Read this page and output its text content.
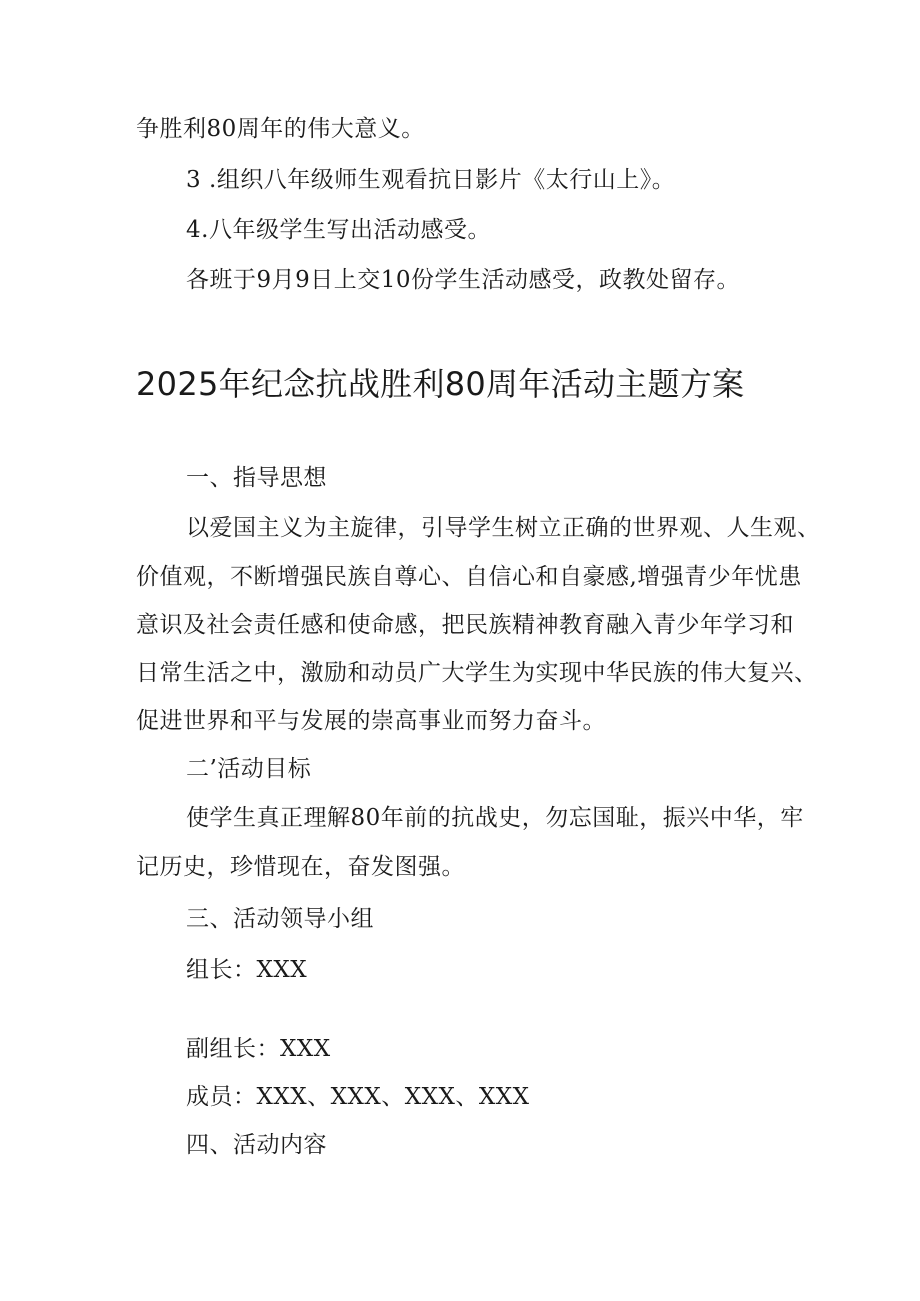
争胜利80周年的伟大意义。
3 .组织八年级师生观看抗日影片《太行山上》。
4.八年级学生写出活动感受。
各班于9月9日上交10份学生活动感受，政教处留存。
2025年纪念抗战胜利80周年活动主题方案
一、指导思想
以爱国主义为主旋律，引导学生树立正确的世界观、人生观、
价值观，不断增强民族自尊心、自信心和自豪感,增强青少年忧患
意识及社会责任感和使命感，把民族精神教育融入青少年学习和
日常生活之中，激励和动员广大学生为实现中华民族的伟大复兴、
促进世界和平与发展的崇高事业而努力奋斗。
二’活动目标
使学生真正理解80年前的抗战史，勿忘国耻，振兴中华，牢
记历史，珍惜现在，奋发图强。
三、活动领导小组
组长：XXX
副组长：XXX
成员：XXX、XXX、XXX、XXX
四、活动内容
